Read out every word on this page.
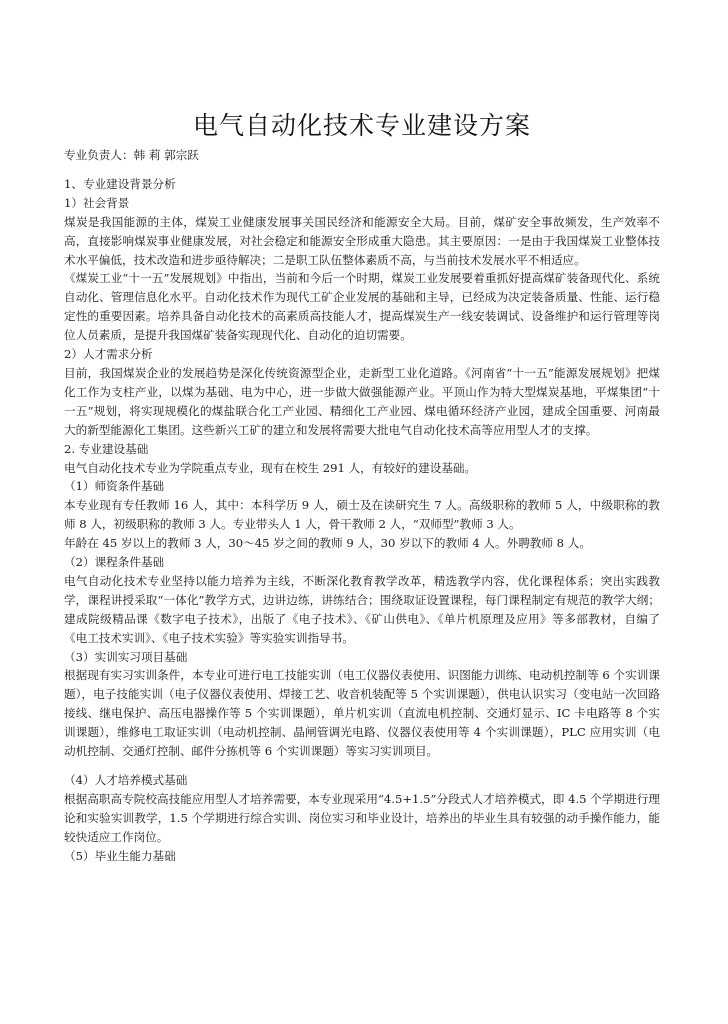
电气自动化技术专业建设方案

专业负责人：韩 莉 郭宗跃

1、专业建设背景分析

1）社会背景

煤炭是我国能源的主体，煤炭工业健康发展事关国民经济和能源安全大局。目前，煤矿安全事故频发，生产效率不高，直接影响煤炭事业健康发展，对社会稳定和能源安全形成重大隐患。其主要原因：一是由于我国煤炭工业整体技术水平偏低，技术改造和进步亟待解决；二是职工队伍整体素质不高，与当前技术发展水平不相适应。

《煤炭工业“十一五”发展规划》中指出，当前和今后一个时期，煤炭工业发展要着重抓好提高煤矿装备现代化、系统自动化、管理信息化水平。自动化技术作为现代工矿企业发展的基础和主导，已经成为决定装备质量、性能、运行稳定性的重要因素。培养具备自动化技术的高素质高技能人才，提高煤炭生产一线安装调试、设备维护和运行管理等岗位人员素质，是提升我国煤矿装备实现现代化、自动化的迫切需要。

2）人才需求分析

目前，我国煤炭企业的发展趋势是深化传统资源型企业，走新型工业化道路。《河南省“十一五”能源发展规划》把煤化工作为支柱产业，以煤为基础、电为中心，进一步做大做强能源产业。平顶山作为特大型煤炭基地，平煤集团“十一五”规划，将实现规模化的煤盐联合化工产业园、精细化工产业园、煤电循环经济产业园，建成全国重要、河南最大的新型能源化工集团。这些新兴工矿的建立和发展将需要大批电气自动化技术高等应用型人才的支撑。

2. 专业建设基础

电气自动化技术专业为学院重点专业，现有在校生 291 人，有较好的建设基础。

（1）师资条件基础

本专业现有专任教师 16 人，其中：本科学历 9 人，硕士及在读研究生 7 人。高级职称的教师 5 人，中级职称的教师 8 人，初级职称的教师 3 人。专业带头人 1 人，骨干教师 2 人，“双师型”教师 3 人。

年龄在 45 岁以上的教师 3 人，30～45 岁之间的教师 9 人，30 岁以下的教师 4 人。外聘教师 8 人。

（2）课程条件基础

电气自动化技术专业坚持以能力培养为主线，不断深化教育教学改革，精选教学内容，优化课程体系；突出实践教学，课程讲授采取“一体化”教学方式，边讲边练，讲练结合；围绕取证设置课程，每门课程制定有规范的教学大纲；建成院级精品课《数字电子技术》，出版了《电子技术》、《矿山供电》、《单片机原理及应用》等多部教材，自编了《电工技术实训》、《电子技术实验》等实验实训指导书。

（3）实训实习项目基础

根据现有实习实训条件，本专业可进行电工技能实训（电工仪器仪表使用、识图能力训练、电动机控制等 6 个实训课题），电子技能实训（电子仪器仪表使用、焊接工艺、收音机装配等 5 个实训课题），供电认识实习（变电站一次回路接线、继电保护、高压电器操作等 5 个实训课题），单片机实训（直流电机控制、交通灯显示、IC 卡电路等 8 个实训课题），维修电工取证实训（电动机控制、晶闸管调光电路、仪器仪表使用等 4 个实训课题），PLC 应用实训（电动机控制、交通灯控制、邮件分拣机等 6 个实训课题）等实习实训项目。

（4）人才培养模式基础

根据高职高专院校高技能应用型人才培养需要，本专业现采用“4.5+1.5”分段式人才培养模式，即 4.5 个学期进行理论和实验实训教学，1.5 个学期进行综合实训、岗位实习和毕业设计，培养出的毕业生具有较强的动手操作能力，能较快适应工作岗位。

（5）毕业生能力基础
